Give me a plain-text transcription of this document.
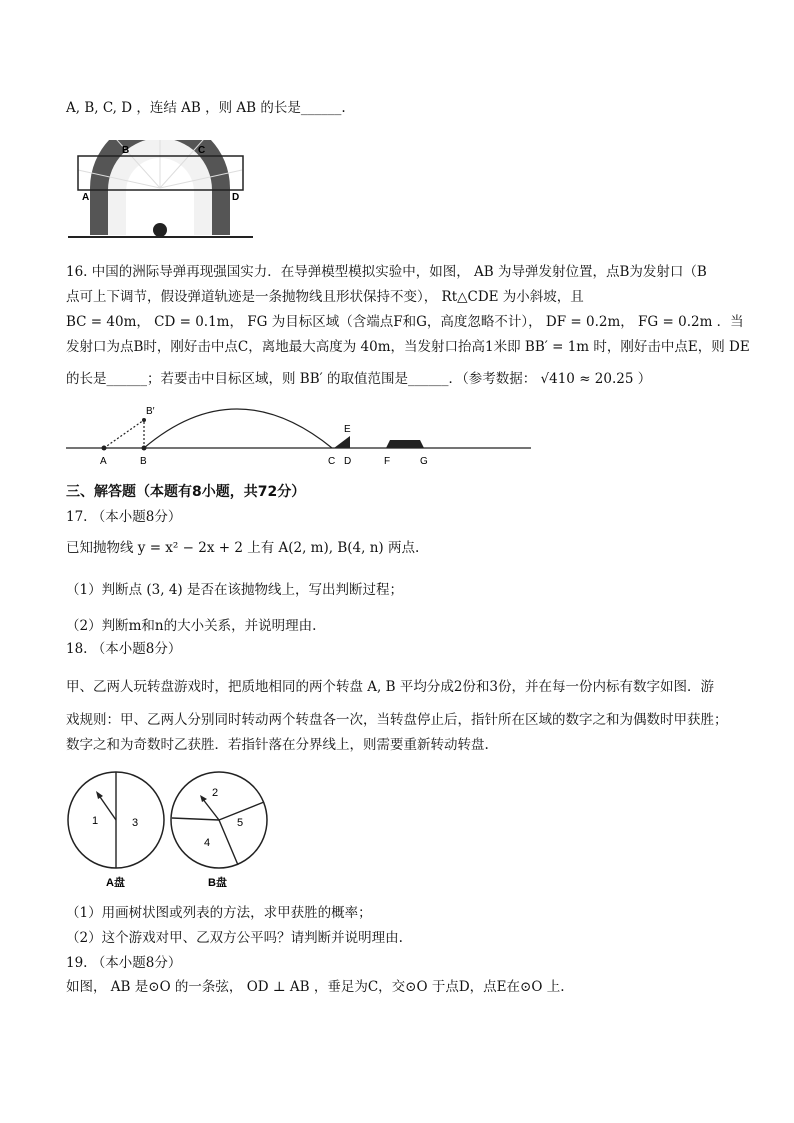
A, B, C, D ，连结 AB ，则 AB 的长是______.
B	C
A	D
16. 中国的洲际导弹再现强国实力．在导弹模型模拟实验中，如图， AB 为导弹发射位置，点B为发射口（B
点可上下调节，假设弹道轨迹是一条抛物线且形状保持不变）， Rt△CDE 为小斜坡，且
BC = 40m， CD = 0.1m， FG 为目标区域（含端点F和G，高度忽略不计）， DF = 0.2m， FG = 0.2m ．当
发射口为点B时，刚好击中点C，离地最大高度为 40m，当发射口抬高1米即 BB′ = 1m 时，刚好击中点E，则 DE
的长是______；若要击中目标区域，则 BB′ 的取值范围是______．（参考数据： √410 ≈ 20.25 ）
A	B
B′
C D
E
F	G
三、解答题（本题有8小题，共72分）
17. （本小题8分）
已知抛物线 y = x² − 2x + 2 上有 A(2, m), B(4, n) 两点.
（1）判断点 (3, 4) 是否在该抛物线上，写出判断过程；
（2）判断m和n的大小关系，并说明理由.
18. （本小题8分）
甲、乙两人玩转盘游戏时，把质地相同的两个转盘 A, B 平均分成2份和3份，并在每一份内标有数字如图．游
戏规则：甲、乙两人分别同时转动两个转盘各一次，当转盘停止后，指针所在区域的数字之和为偶数时甲获胜；
数字之和为奇数时乙获胜．若指针落在分界线上，则需要重新转动转盘.
1	3
A盘
2
5
4
B盘
（1）用画树状图或列表的方法，求甲获胜的概率；
（2）这个游戏对甲、乙双方公平吗？请判断并说明理由.
19. （本小题8分）
如图， AB 是⊙O 的一条弦， OD ⊥ AB ，垂足为C，交⊙O 于点D，点E在⊙O 上.
